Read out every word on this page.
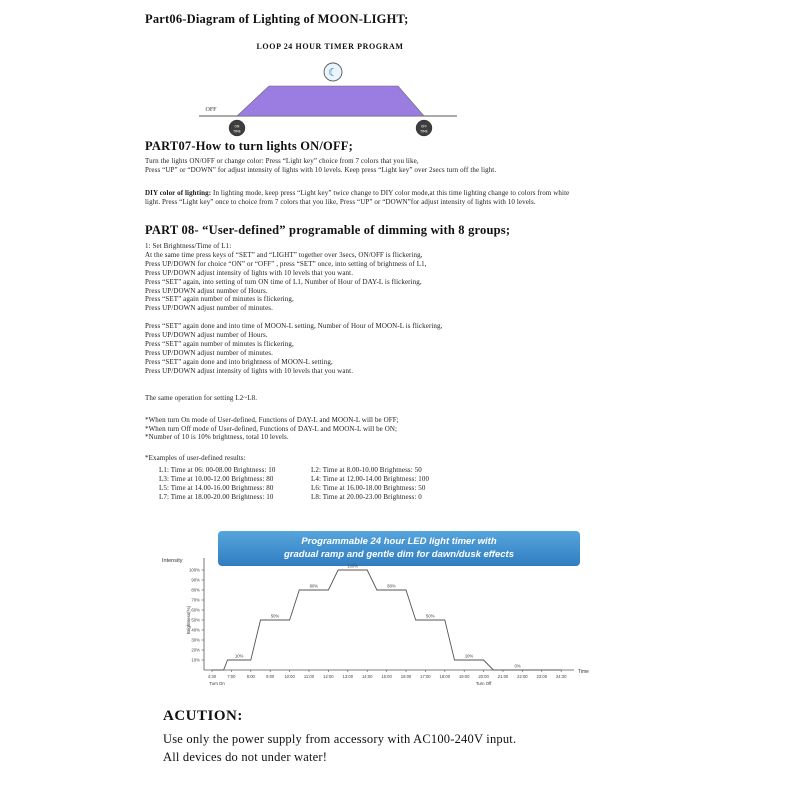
Part06-Diagram of Lighting of MOON-LIGHT;
LOOP 24 HOUR TIMER PROGRAM
☾
OFF
ON
TIME
OFF
TIME
PART07-How to turn lights ON/OFF;
Turn the lights ON/OFF or change color: Press “Light key” choice from 7 colors that you like,
Press “UP” or “DOWN” for adjust intensity of lights with 10 levels. Keep press “Light key” over 2secs turn off the light.
DIY color of lighting: In lighting mode, keep press “Light key” twice change to DIY color mode,at this time lighting change to colors from white
light. Press “Light key” once to choice from 7 colors that you like, Press “UP” or “DOWN”for adjust intensity of lights with 10 levels.
PART 08- “User-defined” programable of dimming with 8 groups;
1: Set Brightness/Time of L1:
At the same time press keys of “SET” and “LIGHT” together over 3secs, ON/OFF is flickering,
Press UP/DOWN for choice “ON” or “OFF” , press “SET” once, into setting of brightness of L1,
Press UP/DOWN adjust intensity of lights with 10 levels that you want.
Press “SET” again, into setting of turn ON time of L1, Number of Hour of DAY-L is flickering,
Press UP/DOWN adjust number of Hours.
Press “SET” again number of minutes is flickering,
Press UP/DOWN adjust number of minutes.
Press “SET” again done and into time of MOON-L setting, Number of Hour of MOON-L is flickering,
Press UP/DOWN adjust number of Hours.
Press “SET” again number of minutes is flickering,
Press UP/DOWN adjust number of minutes.
Press “SET” again done and into brightness of MOON-L setting,
Press UP/DOWN adjust intensity of lights with 10 levels that you want.
The same operation for setting L2~L8.
*When turn On mode of User-defined, Functions of DAY-L and MOON-L will be OFF;
*When turn Off mode of User-defined, Functions of DAY-L and MOON-L will be ON;
*Number of 10 is 10% brightness, total 10 levels.
*Examples of user-defined results:
L1: Time at 06: 00-08.00 Brightness: 10	L2: Time at 8.00-10.00 Brightness: 50
L3: Time at 10.00-12.00 Brightness: 80	L4: Time at 12.00-14.00 Brightness: 100
L5: Time at 14.00-16.00 Brightness: 80	L6: Time at 16.00-18.00 Brightness: 50
L7: Time at 18.00-20.00 Brightness: 10	L8: Time at 20.00-23.00 Brightness: 0
Programmable 24 hour LED light timer with
gradual ramp and gentle dim for dawn/dusk effects
Intensity
Brightness(%)
Time
100%
90%
80%
70%
60%
50%
40%
30%
20%
10%
4:30	7:00	8:00	9:00 10:00 11:00 12:00 13:00 14:00 15:00 16:00 17:00 18:00 19:00 20:00 21:00 22:00 23:00 24:30
10%
50%
80%
100%
80%
50%
10%
0%
Turn On	Turn Off
ACUTION:
Use only the power supply from accessory with AC100-240V input.
All devices do not under water!
